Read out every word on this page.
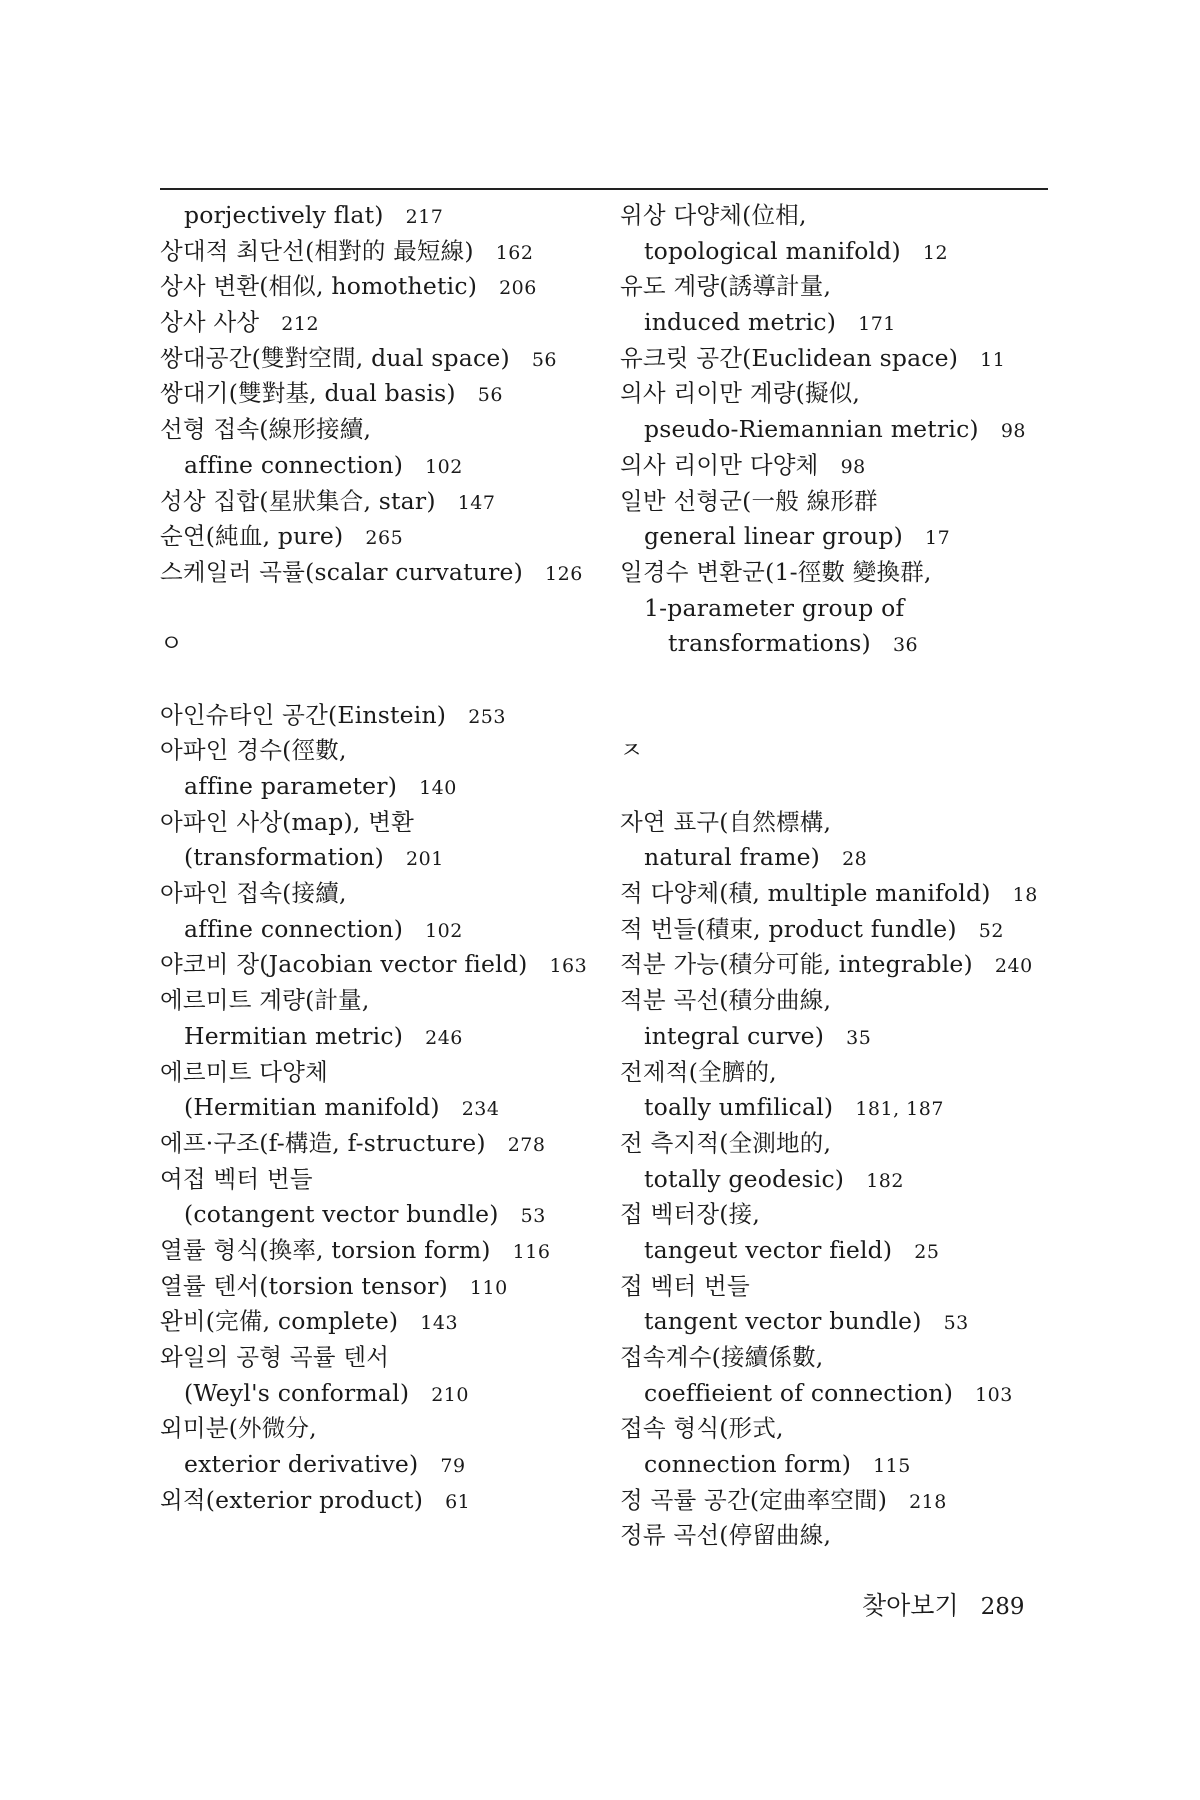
porjectively flat) 217
상대적 최단선(相對的 最短線) 162
상사 변환(相似, homothetic) 206
상사 사상 212
쌍대공간(雙對空間, dual space) 56
쌍대기(雙對基, dual basis) 56
선형 접속(線形接續,
affine connection) 102
성상 집합(星狀集合, star) 147
순연(純血, pure) 265
스케일러 곡률(scalar curvature) 126
ㅇ
아인슈타인 공간(Einstein) 253
아파인 경수(徑數,
affine parameter) 140
아파인 사상(map), 변환
(transformation) 201
아파인 접속(接續,
affine connection) 102
야코비 장(Jacobian vector field) 163
에르미트 계량(計量,
Hermitian metric) 246
에르미트 다양체
(Hermitian manifold) 234
에프·구조(f-構造, f-structure) 278
여접 벡터 번들
(cotangent vector bundle) 53
열률 형식(換率, torsion form) 116
열률 텐서(torsion tensor) 110
완비(完備, complete) 143
와일의 공형 곡률 텐서
(Weyl's conformal) 210
외미분(外微分,
exterior derivative) 79
외적(exterior product) 61
위상 다양체(位相,
topological manifold) 12
유도 계량(誘導計量,
induced metric) 171
유크릿 공간(Euclidean space) 11
의사 리이만 계량(擬似,
pseudo-Riemannian metric) 98
의사 리이만 다양체 98
일반 선형군(一般 線形群
general linear group) 17
일경수 변환군(1-徑數 變換群,
1-parameter group of
transformations) 36
ㅈ
자연 표구(自然標構,
natural frame) 28
적 다양체(積, multiple manifold) 18
적 번들(積束, product fundle) 52
적분 가능(積分可能, integrable) 240
적분 곡선(積分曲線,
integral curve) 35
전제적(全臍的,
toally umfilical) 181, 187
전 측지적(全測地的,
totally geodesic) 182
접 벡터장(接,
tangeut vector field) 25
접 벡터 번들
tangent vector bundle) 53
접속계수(接續係數,
coeffieient of connection) 103
접속 형식(形式,
connection form) 115
정 곡률 공간(定曲率空間) 218
정류 곡선(停留曲線,
찾아보기 289
